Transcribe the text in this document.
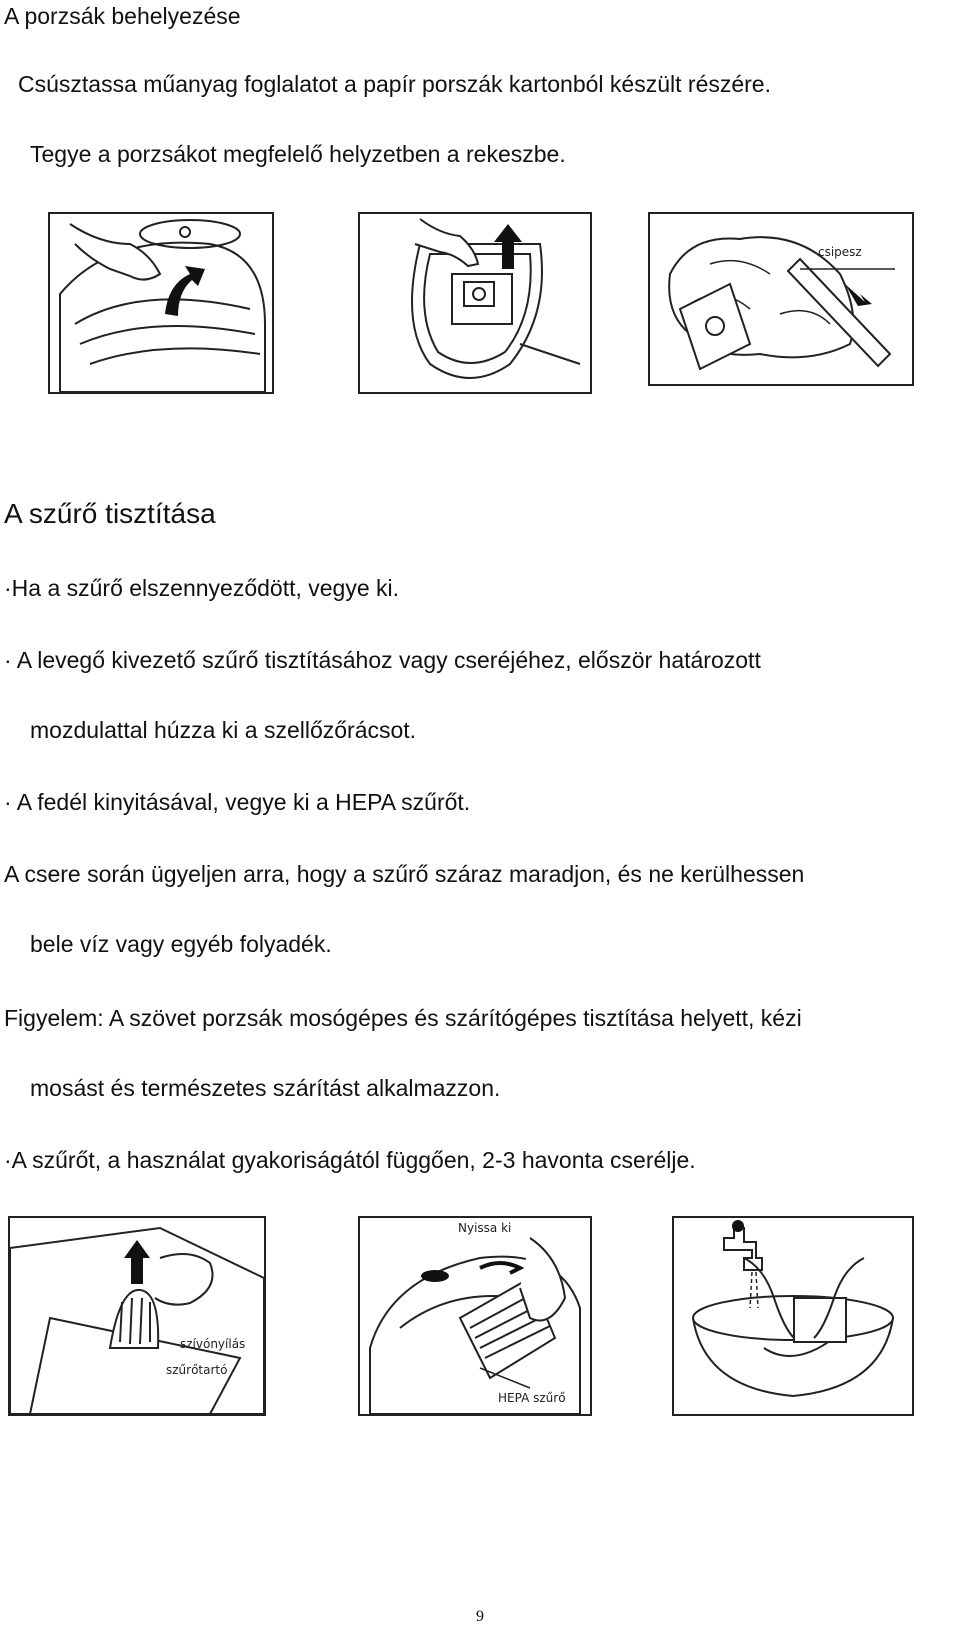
A porzsák behelyezése
Csúsztassa műanyag foglalatot a papír porszák kartonból készült részére.
Tegye a porzsákot megfelelő helyzetben a rekeszbe.
csipesz
A szűrő tisztítása
·Ha a szűrő elszennyeződött, vegye ki.
· A levegő kivezető szűrő tisztításához vagy cseréjéhez, először határozott
mozdulattal húzza ki a szellőzőrácsot.
· A fedél kinyitásával, vegye ki a HEPA szűrőt.
A csere során ügyeljen arra, hogy a szűrő száraz maradjon, és ne kerülhessen
bele víz vagy egyéb folyadék.
Figyelem: A szövet porzsák mosógépes és szárítógépes tisztítása helyett, kézi
mosást és természetes szárítást alkalmazzon.
·A szűrőt, a használat gyakoriságától függően, 2-3 havonta cserélje.
szívónyílás
szűrőtartó
Nyissa ki
HEPA szűrő
9
